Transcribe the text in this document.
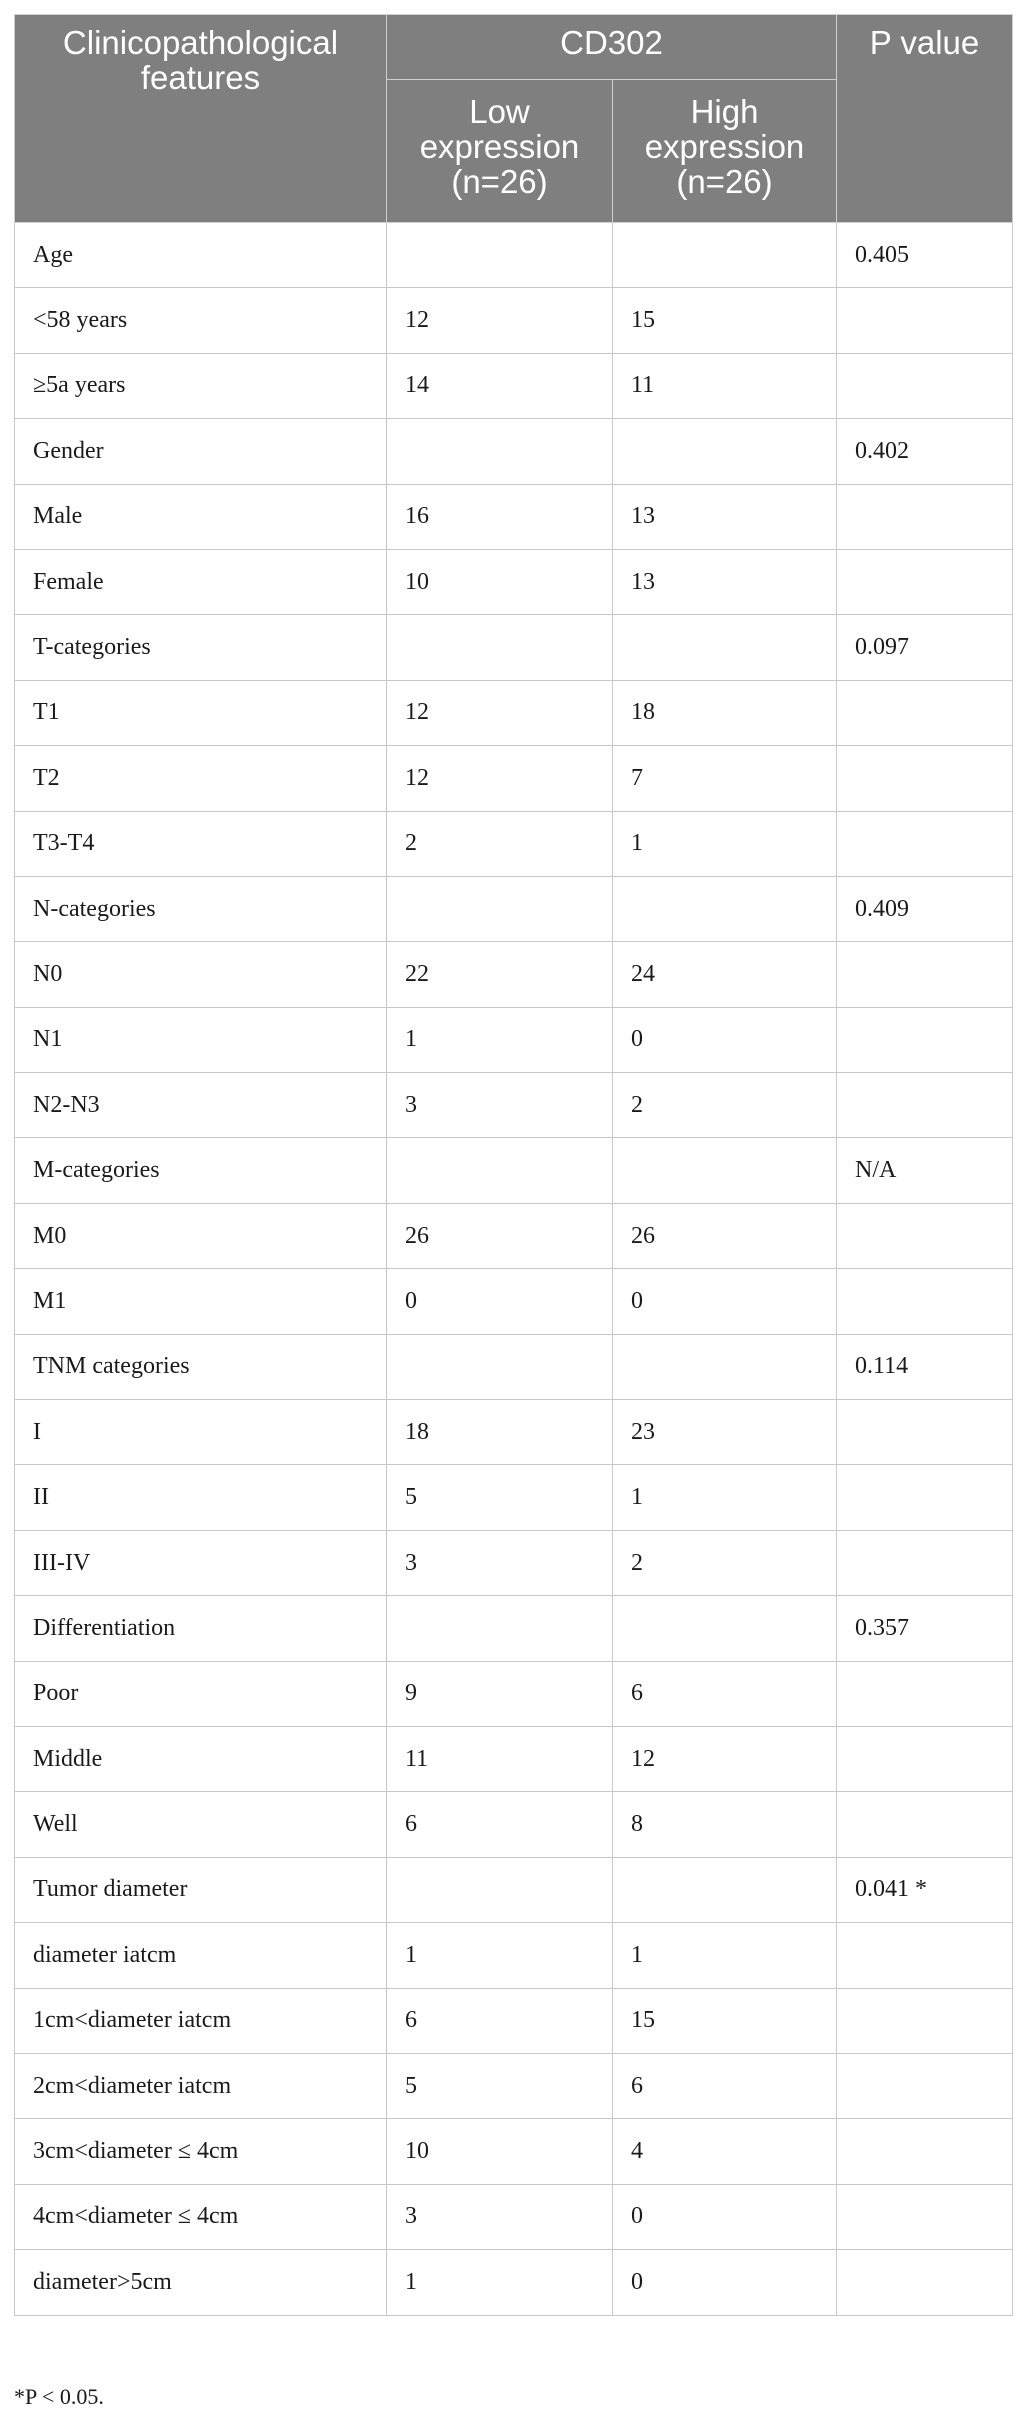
Clinicopathological features	CD302		P value
	Low expression (n=26)	High expression (n=26)	
Age			0.405
<58 years	12	15	
≥5a years	14	11	
Gender			0.402
Male	16	13	
Female	10	13	
T-categories			0.097
T1	12	18	
T2	12	7	
T3-T4	2	1	
N-categories			0.409
N0	22	24	
N1	1	0	
N2-N3	3	2	
M-categories			N/A
M0	26	26	
M1	0	0	
TNM categories			0.114
I	18	23	
II	5	1	
III-IV	3	2	
Differentiation			0.357
Poor	9	6	
Middle	11	12	
Well	6	8	
Tumor diameter			0.041 *
diameter iatcm	1	1	
1cm<diameter iatcm	6	15	
2cm<diameter iatcm	5	6	
3cm<diameter ≤ 4cm	10	4	
4cm<diameter ≤ 4cm	3	0	
diameter>5cm	1	0	
*P < 0.05.
